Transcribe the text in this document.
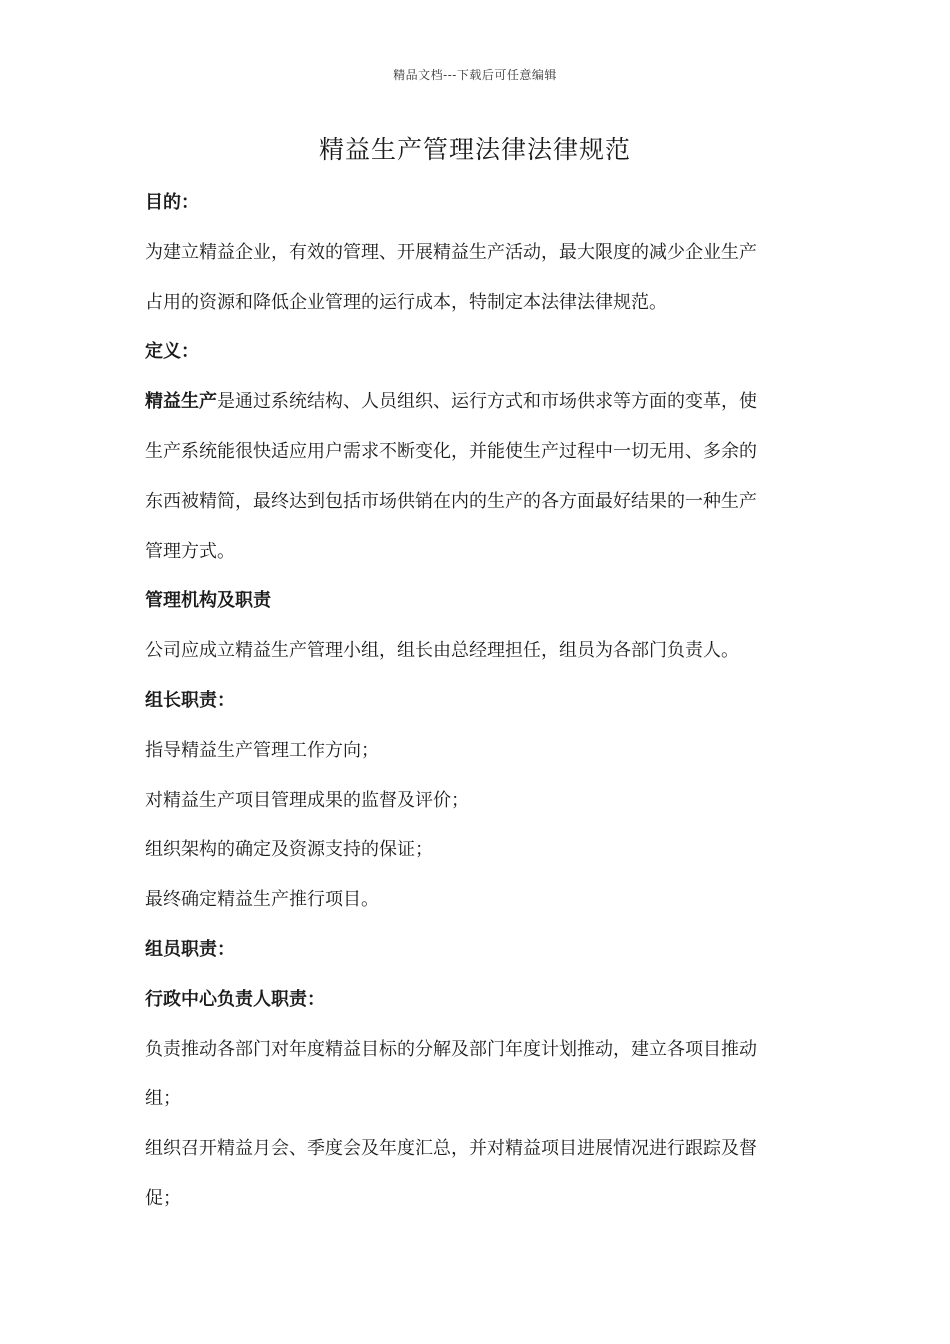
精品文档---下载后可任意编辑
精益生产管理法律法律规范
目的：
为建立精益企业，有效的管理、开展精益生产活动，最大限度的减少企业生产
占用的资源和降低企业管理的运行成本，特制定本法律法律规范。
定义：
精益生产是通过系统结构、人员组织、运行方式和市场供求等方面的变革，使
生产系统能很快适应用户需求不断变化，并能使生产过程中一切无用、多余的
东西被精简，最终达到包括市场供销在内的生产的各方面最好结果的一种生产
管理方式。
管理机构及职责
公司应成立精益生产管理小组，组长由总经理担任，组员为各部门负责人。
组长职责：
指导精益生产管理工作方向；
对精益生产项目管理成果的监督及评价；
组织架构的确定及资源支持的保证；
最终确定精益生产推行项目。
组员职责：
行政中心负责人职责：
负责推动各部门对年度精益目标的分解及部门年度计划推动，建立各项目推动
组；
组织召开精益月会、季度会及年度汇总，并对精益项目进展情况进行跟踪及督
促；
